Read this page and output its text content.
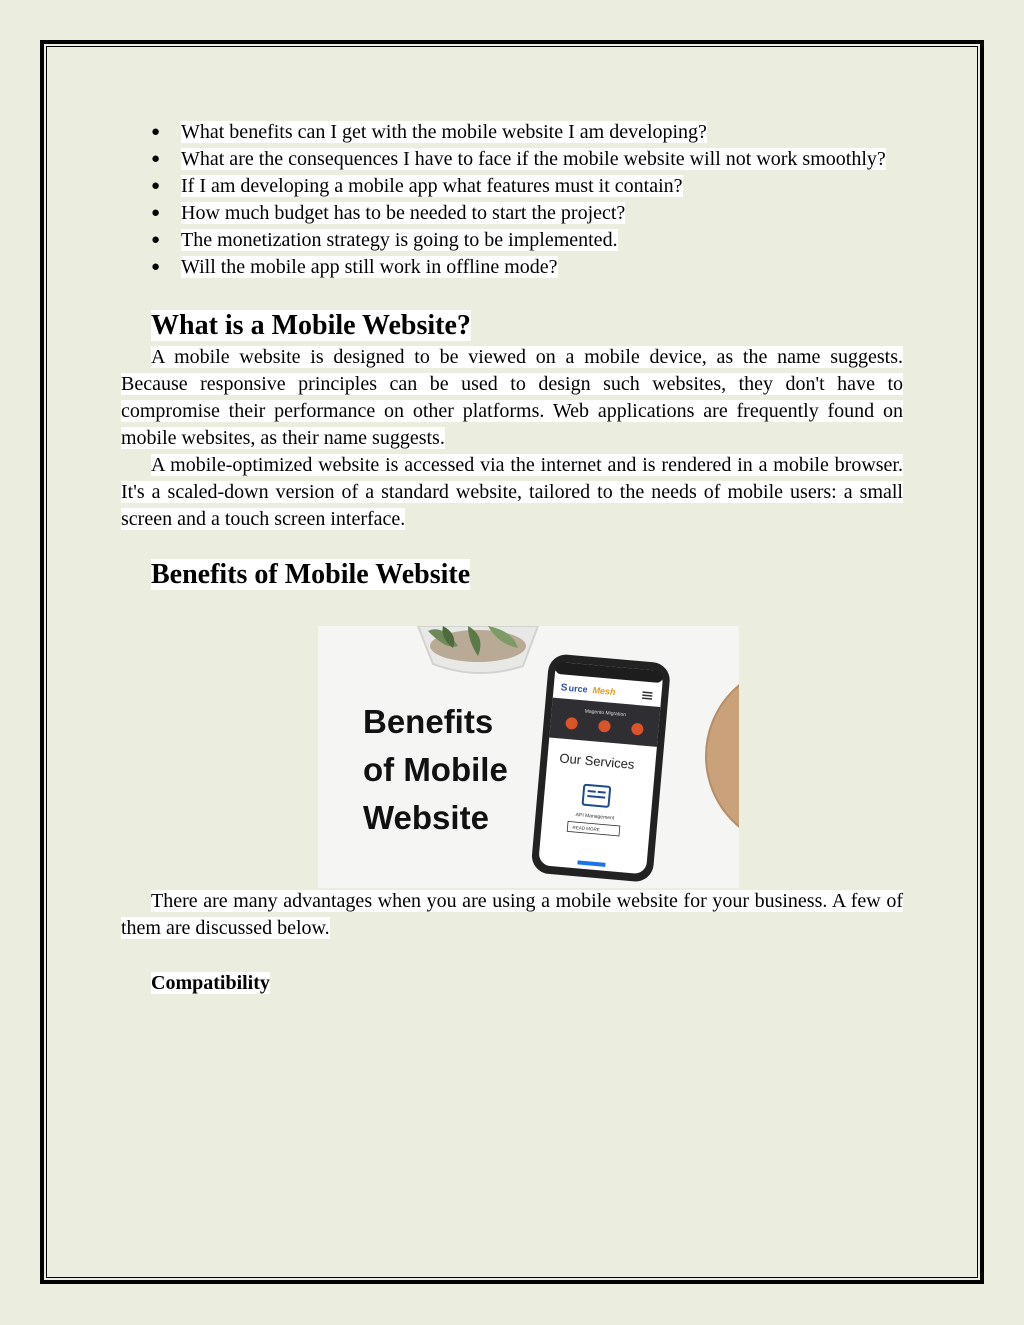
● What benefits can I get with the mobile website I am developing?
● What are the consequences I have to face if the mobile website will not work smoothly?
● If I am developing a mobile app what features must it contain?
● How much budget has to be needed to start the project?
● The monetization strategy is going to be implemented.
● Will the mobile app still work in offline mode?
What is a Mobile Website?

A mobile website is designed to be viewed on a mobile device, as the name suggests. Because responsive principles can be used to design such websites, they don't have to compromise their performance on other platforms. Web applications are frequently found on mobile websites, as their name suggests.

A mobile-optimized website is accessed via the internet and is rendered in a mobile browser. It's a scaled-down version of a standard website, tailored to the needs of mobile users: a small screen and a touch screen interface.

Benefits of Mobile Website
Benefits
of Mobile
Website
S urce Mesh
Magento Migration
Our Services
API Management
READ MORE

There are many advantages when you are using a mobile website for your business. A few of them are discussed below.

Compatibility
